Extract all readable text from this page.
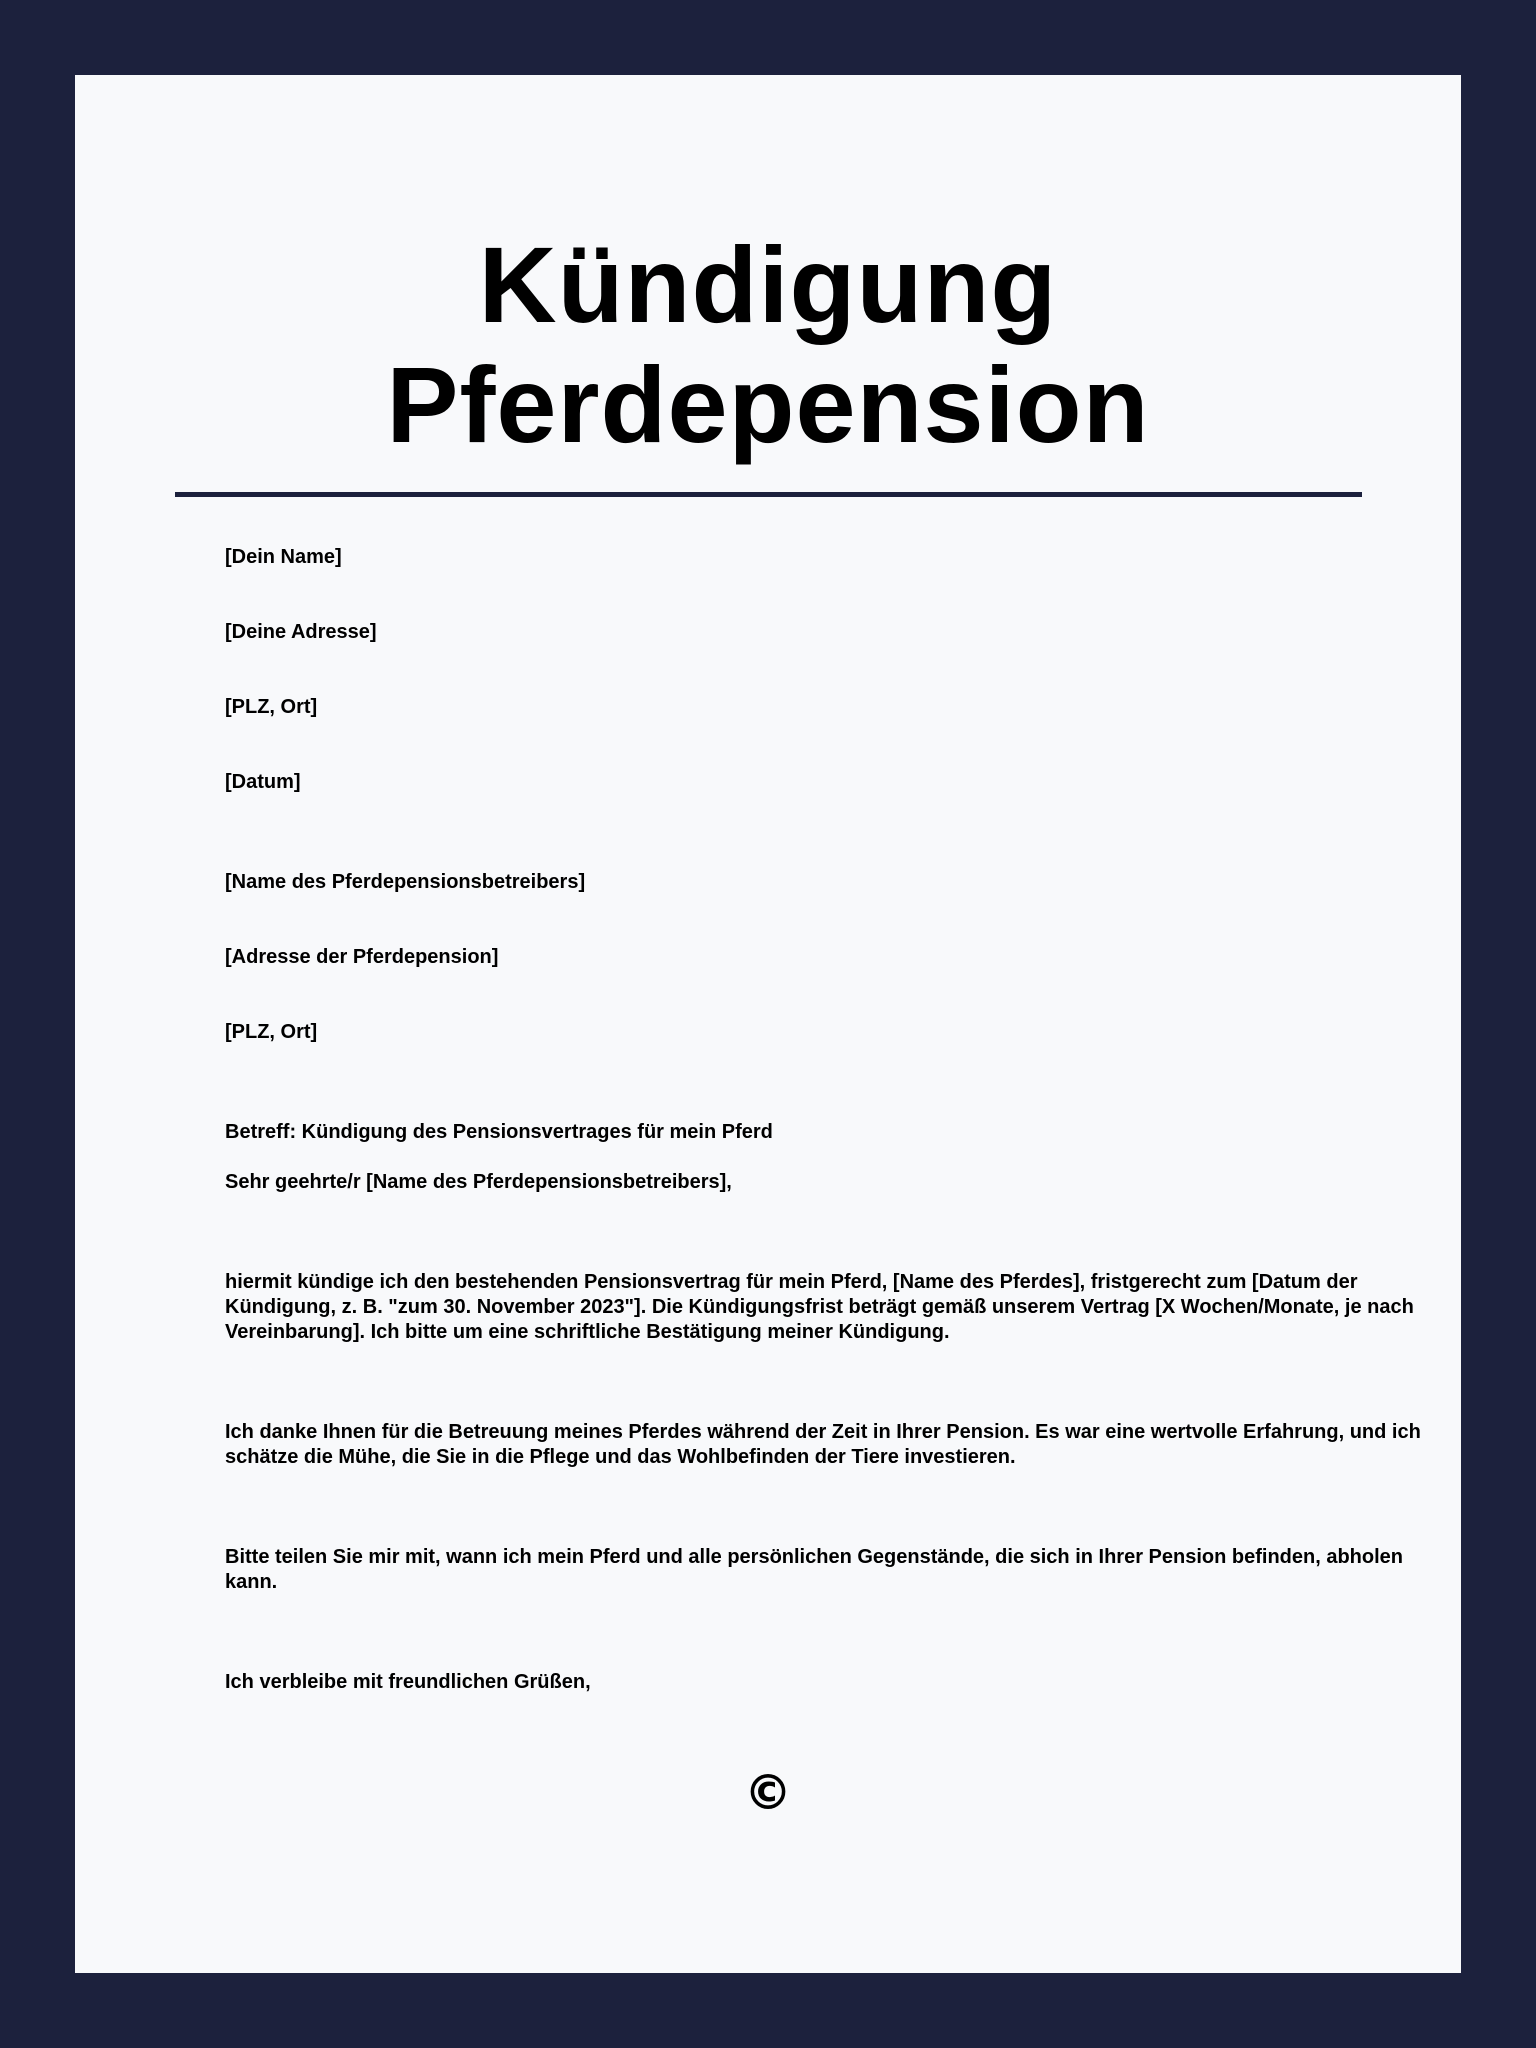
Kündigung
Pferdepension

[Dein Name]

[Deine Adresse]

[PLZ, Ort]

[Datum]

[Name des Pferdepensionsbetreibers]

[Adresse der Pferdepension]

[PLZ, Ort]

Betreff: Kündigung des Pensionsvertrages für mein Pferd

Sehr geehrte/r [Name des Pferdepensionsbetreibers],

hiermit kündige ich den bestehenden Pensionsvertrag für mein Pferd, [Name des Pferdes], fristgerecht zum [Datum der Kündigung, z. B. "zum 30. November 2023"]. Die Kündigungsfrist beträgt gemäß unserem Vertrag [X Wochen/Monate, je nach Vereinbarung]. Ich bitte um eine schriftliche Bestätigung meiner Kündigung.

Ich danke Ihnen für die Betreuung meines Pferdes während der Zeit in Ihrer Pension. Es war eine wertvolle Erfahrung, und ich schätze die Mühe, die Sie in die Pflege und das Wohlbefinden der Tiere investieren.

Bitte teilen Sie mir mit, wann ich mein Pferd und alle persönlichen Gegenstände, die sich in Ihrer Pension befinden, abholen kann.

Ich verbleibe mit freundlichen Grüßen,

©
